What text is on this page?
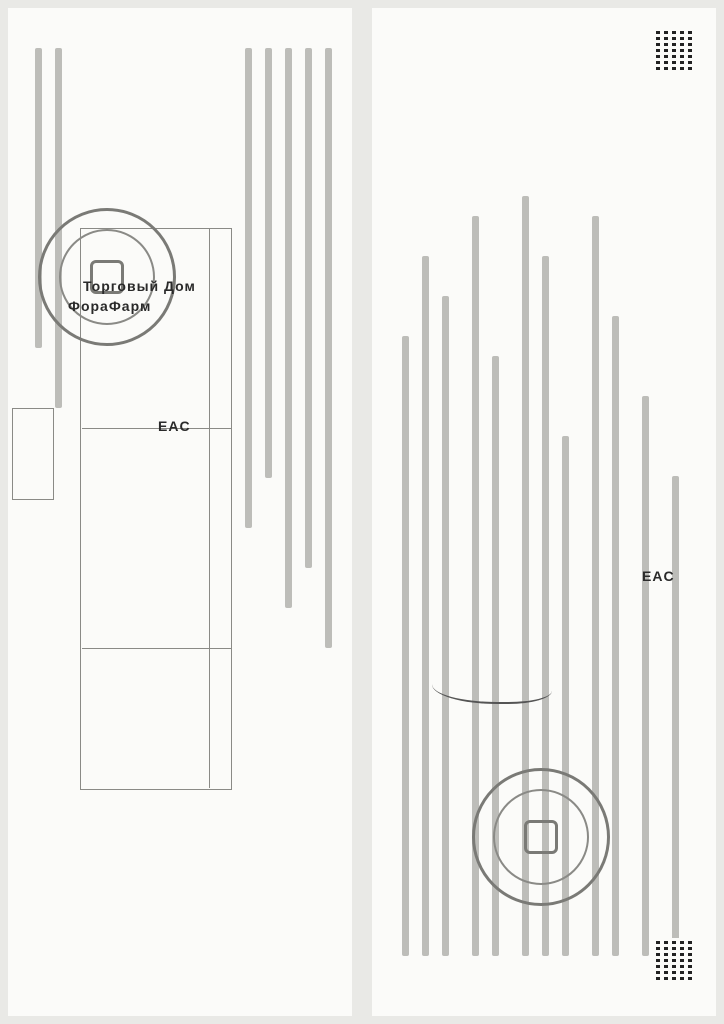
EAC
Торговый Дом
ФораФарм
EAC
